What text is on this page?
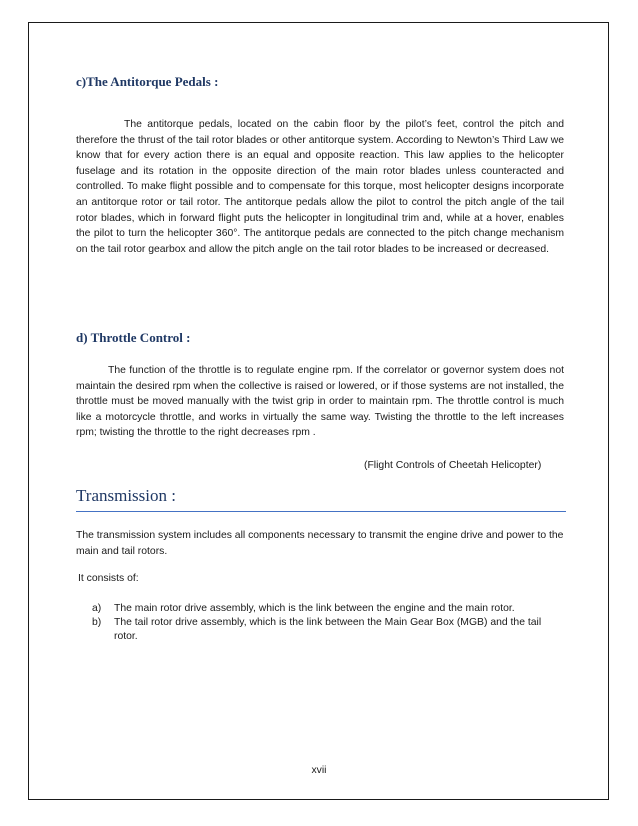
c)The Antitorque Pedals :

The antitorque pedals, located on the cabin floor by the pilot’s feet, control the pitch and therefore the thrust of the tail rotor blades or other antitorque system. According to Newton’s Third Law we know that for every action there is an equal and opposite reaction. This law applies to the helicopter fuselage and its rotation in the opposite direction of the main rotor blades unless counteracted and controlled. To make flight possible and to compensate for this torque, most helicopter designs incorporate an antitorque rotor or tail rotor. The antitorque pedals allow the pilot to control the pitch angle of the tail rotor blades, which in forward flight puts the helicopter in longitudinal trim and, while at a hover, enables the pilot to turn the helicopter 360°. The antitorque pedals are connected to the pitch change mechanism on the tail rotor gearbox and allow the pitch angle on the tail rotor blades to be increased or decreased.

d) Throttle Control :

The function of the throttle is to regulate engine rpm. If the correlator or governor system does not maintain the desired rpm when the collective is raised or lowered, or if those systems are not installed, the throttle must be moved manually with the twist grip in order to maintain rpm. The throttle control is much like a motorcycle throttle, and works in virtually the same way. Twisting the throttle to the left increases rpm; twisting the throttle to the right decreases rpm .

(Flight Controls of Cheetah Helicopter)
Transmission :

The transmission system includes all components necessary to transmit the engine drive and power to the main and tail rotors.

It consists of:

a) The main rotor drive assembly, which is the link between the engine and the main rotor.
b) The tail rotor drive assembly, which is the link between the Main Gear Box (MGB) and the tail rotor.
xvii
